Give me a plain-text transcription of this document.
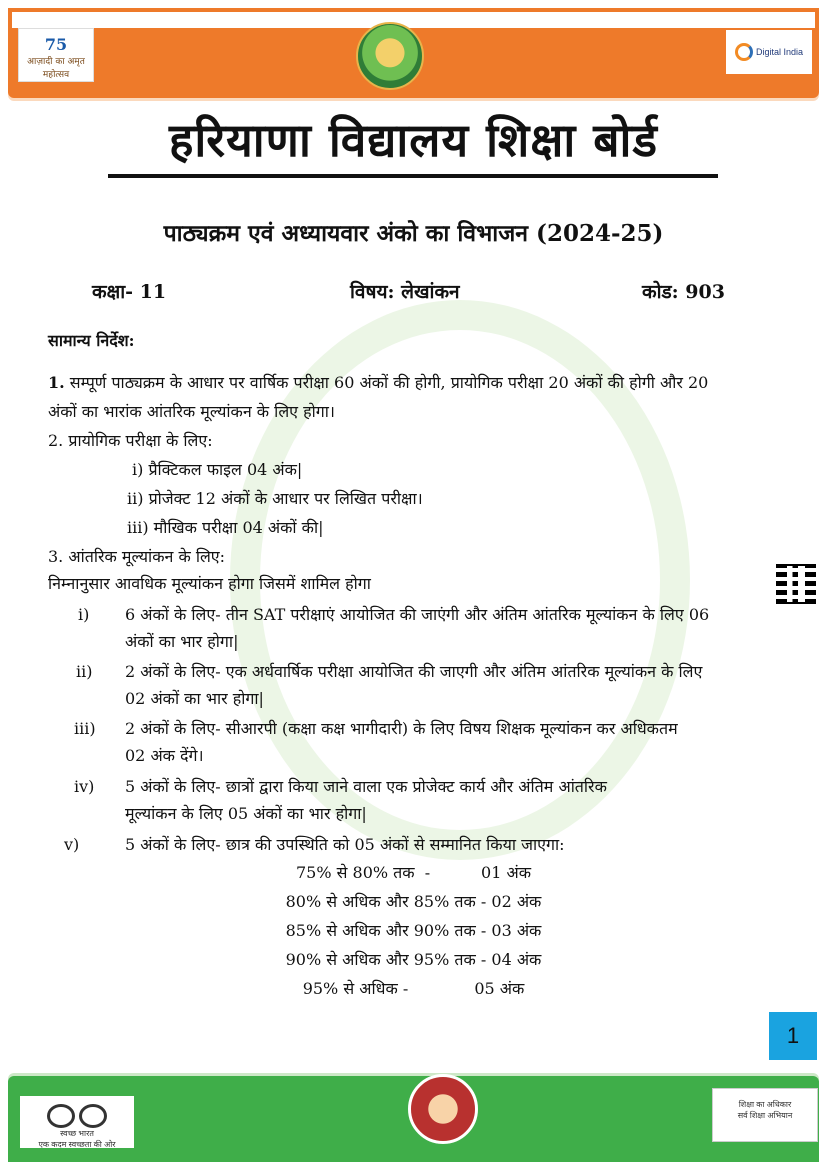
75
आज़ादी का अमृत महोत्सव
Digital India
हरियाणा विद्यालय शिक्षा बोर्ड
पाठ्यक्रम एवं अध्यायवार अंको का विभाजन (2024-25)
कक्षा- 11	विषय: लेखांकन	कोड: 903
सामान्य निर्देश:
1. सम्पूर्ण पाठ्यक्रम के आधार पर वार्षिक परीक्षा 60 अंकों की होगी, प्रायोगिक परीक्षा 20 अंकों की होगी और 20
अंकों का भारांक आंतरिक मूल्यांकन के लिए होगा।
2. प्रायोगिक परीक्षा के लिए:
i) प्रैक्टिकल फाइल 04 अंक|
ii) प्रोजेक्ट 12 अंकों के आधार पर लिखित परीक्षा।
iii) मौखिक परीक्षा 04 अंकों की|
3. आंतरिक मूल्यांकन के लिए:
निम्नानुसार आवधिक मूल्यांकन होगा जिसमें शामिल होगा
i) 6 अंकों के लिए- तीन SAT परीक्षाएं आयोजित की जाएंगी और अंतिम आंतरिक मूल्यांकन के लिए 06
अंकों का भार होगा|
ii) 2 अंकों के लिए- एक अर्धवार्षिक परीक्षा आयोजित की जाएगी और अंतिम आंतरिक मूल्यांकन के लिए
02 अंकों का भार होगा|
iii) 2 अंकों के लिए- सीआरपी (कक्षा कक्ष भागीदारी) के लिए विषय शिक्षक मूल्यांकन कर अधिकतम
02 अंक देंगे।
iv) 5 अंकों के लिए- छात्रों द्वारा किया जाने वाला एक प्रोजेक्ट कार्य और अंतिम आंतरिक
मूल्यांकन के लिए 05 अंकों का भार होगा|
v)	5 अंकों के लिए- छात्र की उपस्थिति को 05 अंकों से सम्मानित किया जाएगा:
75% से 80% तक  -          01 अंक
80% से अधिक और 85% तक - 02 अंक
85% से अधिक और 90% तक - 03 अंक
90% से अधिक और 95% तक - 04 अंक
95% से अधिक -             05 अंक
1
स्वच्छ भारत
एक कदम स्वच्छता की ओर
शिक्षा का अधिकार
सर्व शिक्षा अभियान
